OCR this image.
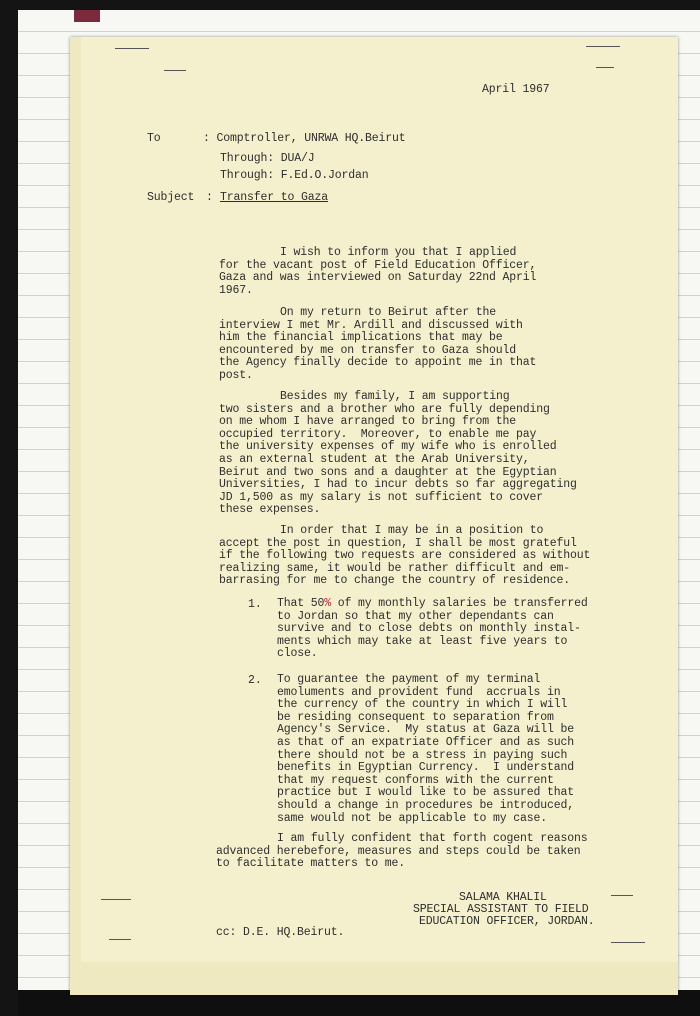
April 1967
To	: Comptroller, UNRWA HQ.Beirut
Through: DUA/J
Through: F.Ed.O.Jordan
Subject : Transfer to Gaza
I wish to inform you that I applied
for the vacant post of Field Education Officer,
Gaza and was interviewed on Saturday 22nd April
1967.
On my return to Beirut after the
interview I met Mr. Ardill and discussed with
him the financial implications that may be
encountered by me on transfer to Gaza should
the Agency finally decide to appoint me in that
post.
Besides my family, I am supporting
two sisters and a brother who are fully depending
on me whom I have arranged to bring from the
occupied territory.  Moreover, to enable me pay
the university expenses of my wife who is enrolled
as an external student at the Arab University,
Beirut and two sons and a daughter at the Egyptian
Universities, I had to incur debts so far aggregating
JD 1,500 as my salary is not sufficient to cover
these expenses.
In order that I may be in a position to
accept the post in question, I shall be most grateful
if the following two requests are considered as without
realizing same, it would be rather difficult and em-
barrasing for me to change the country of residence.
1. That 50% of my monthly salaries be transferred
to Jordan so that my other dependants can
survive and to close debts on monthly instal-
ments which may take at least five years to
close.
2. To guarantee the payment of my terminal
emoluments and provident fund  accruals in
the currency of the country in which I will
be residing consequent to separation from
Agency's Service.  My status at Gaza will be
as that of an expatriate Officer and as such
there should not be a stress in paying such
benefits in Egyptian Currency.  I understand
that my request conforms with the current
practice but I would like to be assured that
should a change in procedures be introduced,
same would not be applicable to my case.
I am fully confident that forth cogent reasons
advanced herebefore, measures and steps could be taken
to facilitate matters to me.
SALAMA KHALIL
SPECIAL ASSISTANT TO FIELD
EDUCATION OFFICER, JORDAN.
cc: D.E. HQ.Beirut.
